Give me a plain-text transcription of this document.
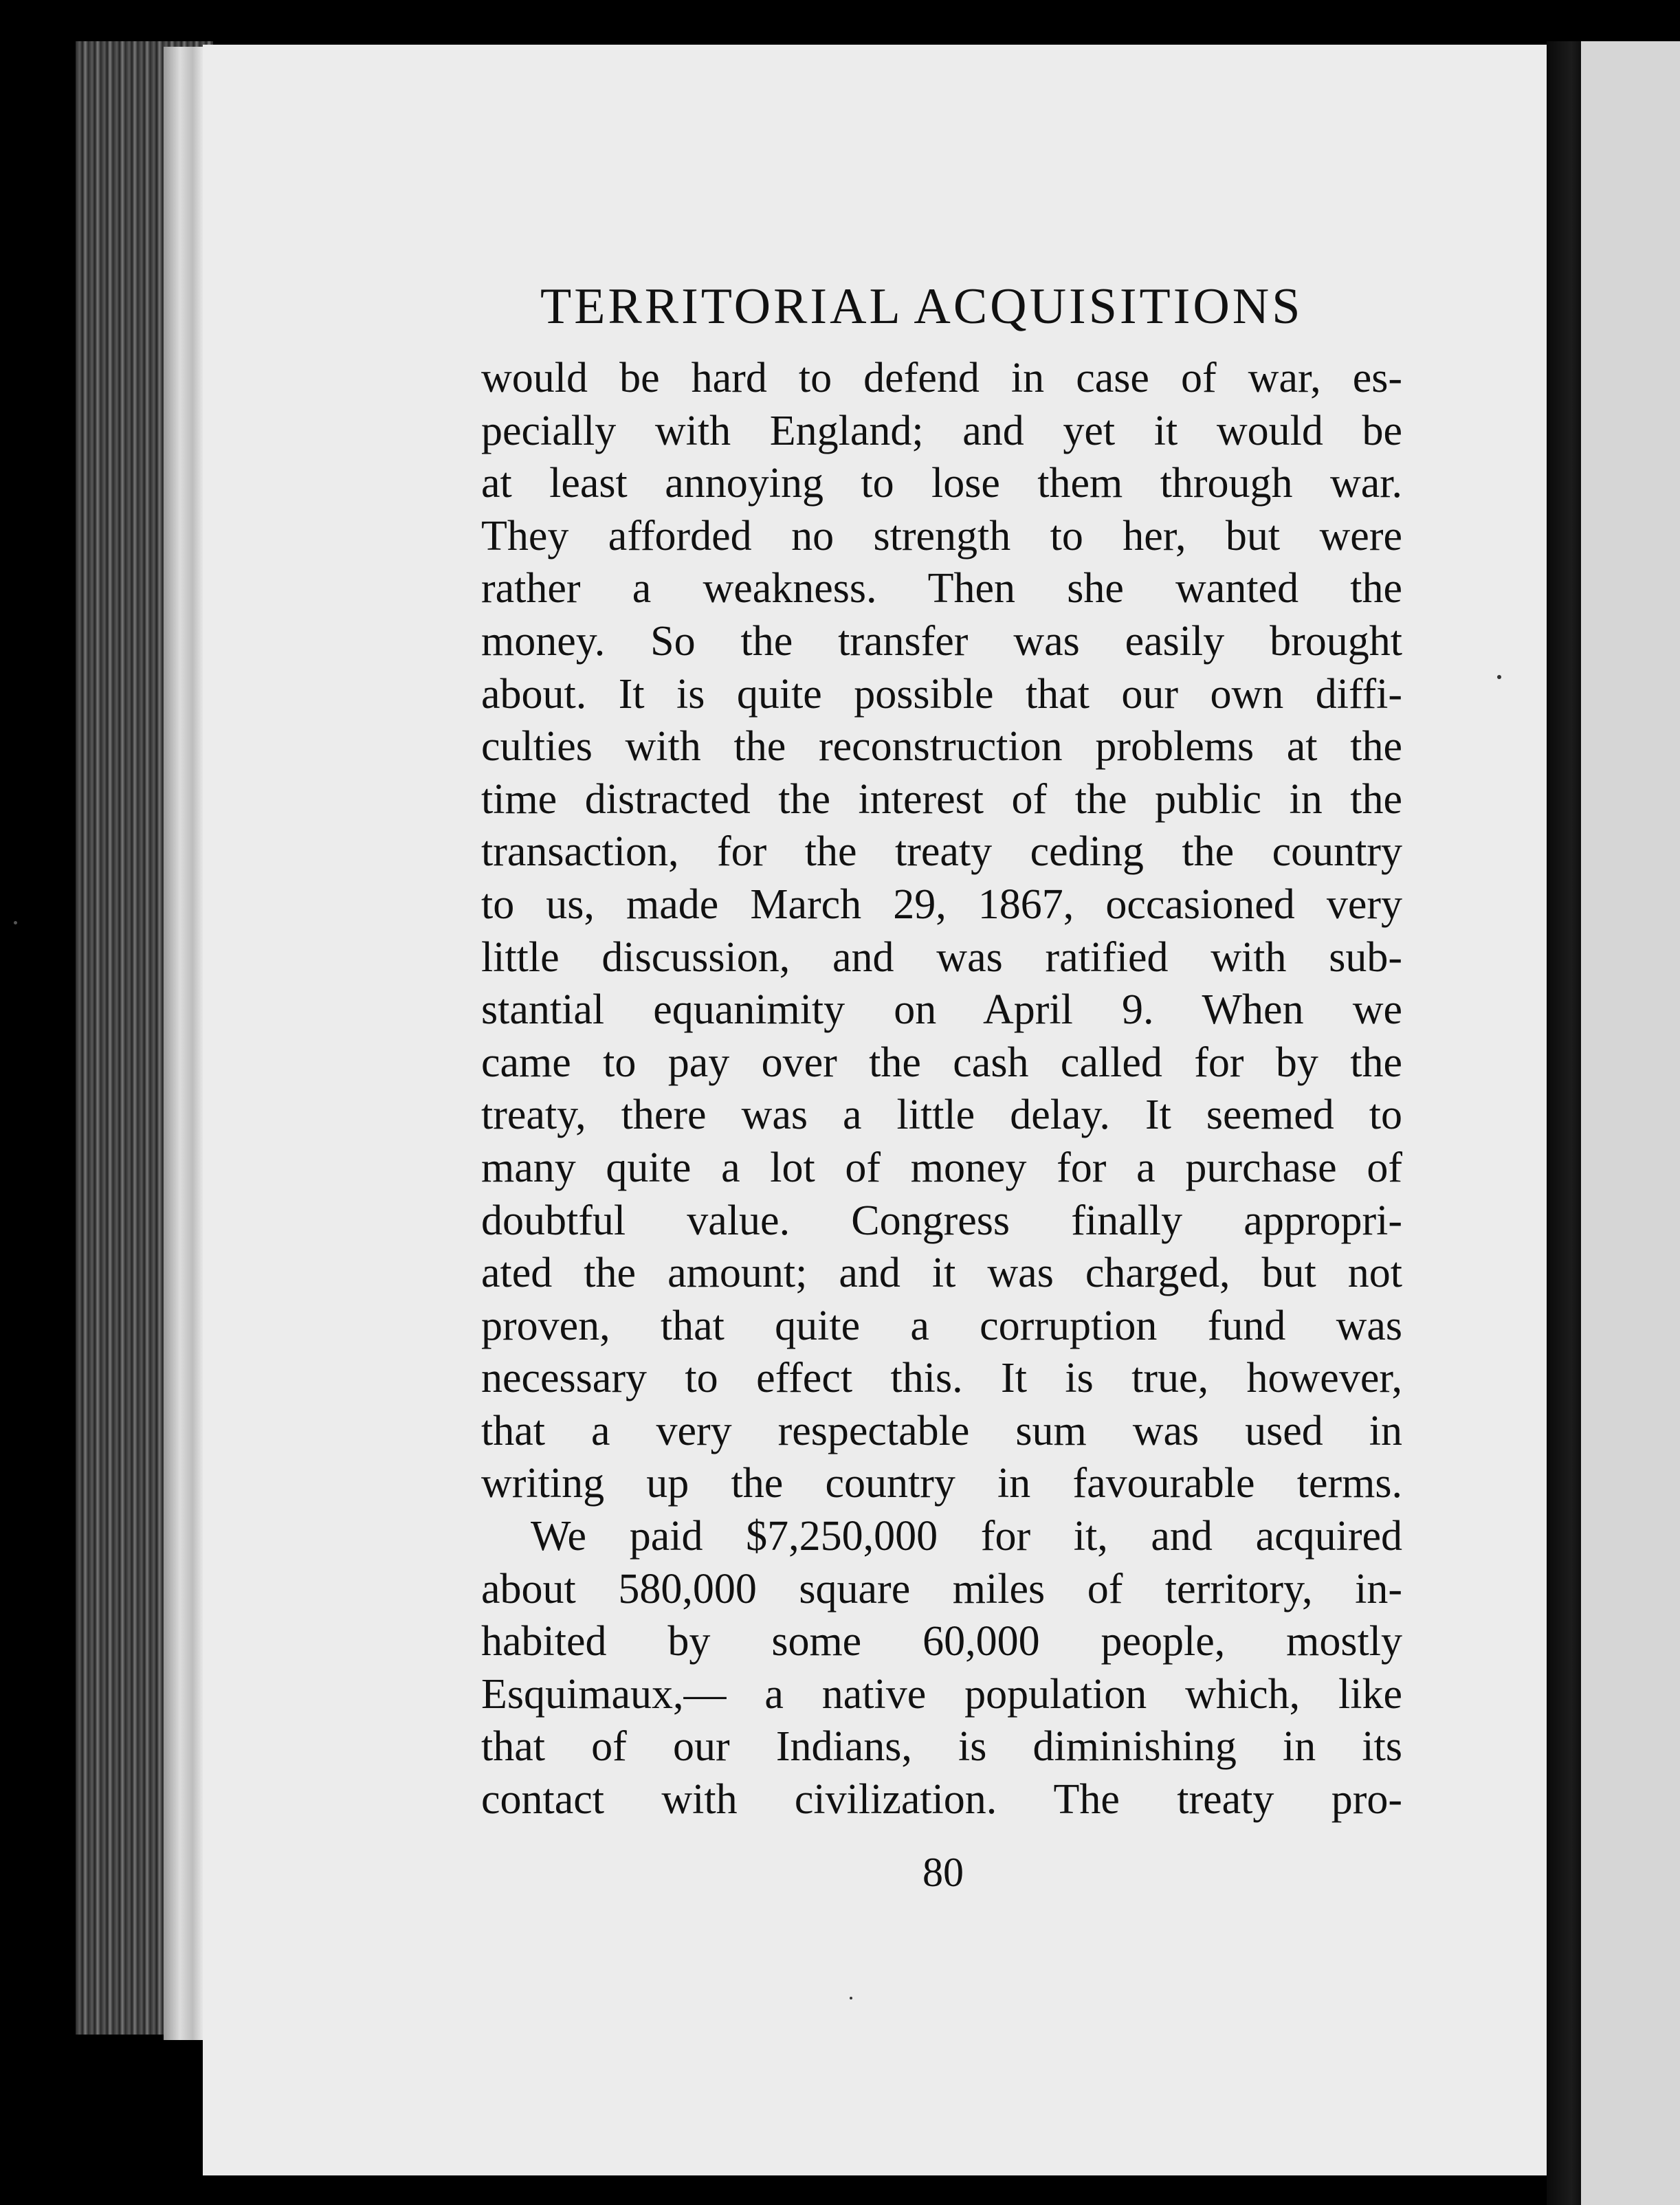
TERRITORIAL ACQUISITIONS
would be hard to defend in case of war, es-
pecially with England; and yet it would be
at least annoying to lose them through war.
They afforded no strength to her, but were
rather a weakness. Then she wanted the
money. So the transfer was easily brought
about. It is quite possible that our own diffi-
culties with the reconstruction problems at the
time distracted the interest of the public in the
transaction, for the treaty ceding the country
to us, made March 29, 1867, occasioned very
little discussion, and was ratified with sub-
stantial equanimity on April 9. When we
came to pay over the cash called for by the
treaty, there was a little delay. It seemed to
many quite a lot of money for a purchase of
doubtful value. Congress finally appropri-
ated the amount; and it was charged, but not
proven, that quite a corruption fund was
necessary to effect this. It is true, however,
that a very respectable sum was used in
writing up the country in favourable terms.
We paid $7,250,000 for it, and acquired
about 580,000 square miles of territory, in-
habited by some 60,000 people, mostly
Esquimaux,— a native population which, like
that of our Indians, is diminishing in its
contact with civilization. The treaty pro-
80
